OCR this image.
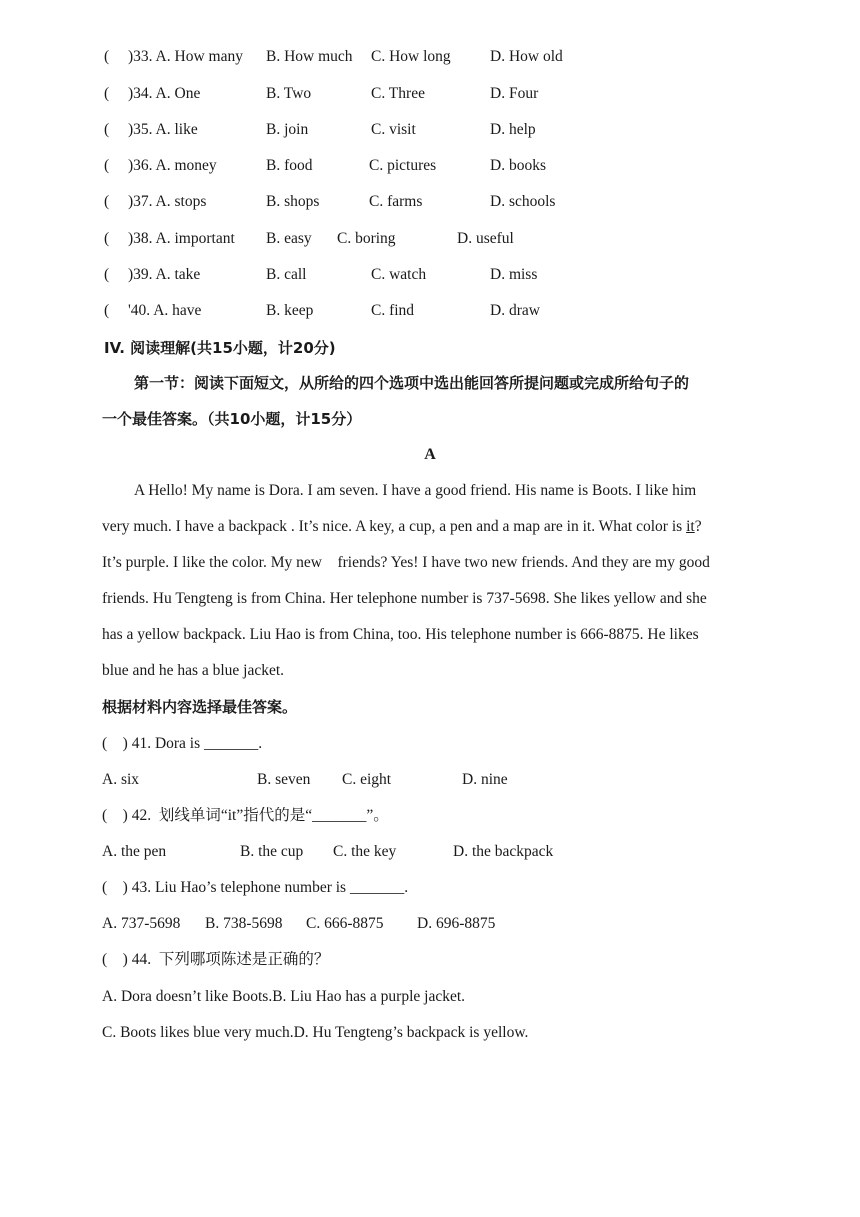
( )33. A. How many B. How much C. How long	D. How old
( )34. A. One	B. Two	C. Three	D. Four
( )35. A. like	B. join	C. visit	D. help
( )36. A. money	B. food	C. pictures	D. books
( )37. A. stops	B. shops	C. farms	D. schools
( )38. A. important B. easy C. boring	D. useful
( )39. A. take	B. call	C. watch	D. miss
( '40. A. have	B. keep	C. find	D. draw
IV. 阅读理解(共15小题，计20分)
第一节：阅读下面短文，从所给的四个选项中选出能回答所提问题或完成所给句子的
一个最佳答案。（共10小题，计15分）
A
A Hello! My name is Dora. I am seven. I have a good friend. His name is Boots. I like him
very much. I have a backpack . It’s nice. A key, a cup, a pen and a map are in it. What color is it?
It’s purple. I like the color. My new    friends? Yes! I have two new friends. And they are my good
friends. Hu Tengteng is from China. Her telephone number is 737-5698. She likes yellow and she
has a yellow backpack. Liu Hao is from China, too. His telephone number is 666-8875. He likes
blue and he has a blue jacket.
根据材料内容选择最佳答案。
(    ) 41. Dora is _______.
A. six	B. seven C. eight	D. nine
(    ) 42.  划线单词“it”指代的是“_______”。
A. the pen	B. the cup C. the key	D. the backpack
(    ) 43. Liu Hao’s telephone number is _______.
A. 737-5698 B. 738-5698 C. 666-8875 D. 696-8875
(    ) 44.  下列哪项陈述是正确的？
A. Dora doesn’t like Boots.B. Liu Hao has a purple jacket.
C. Boots likes blue very much.D. Hu Tengteng’s backpack is yellow.
